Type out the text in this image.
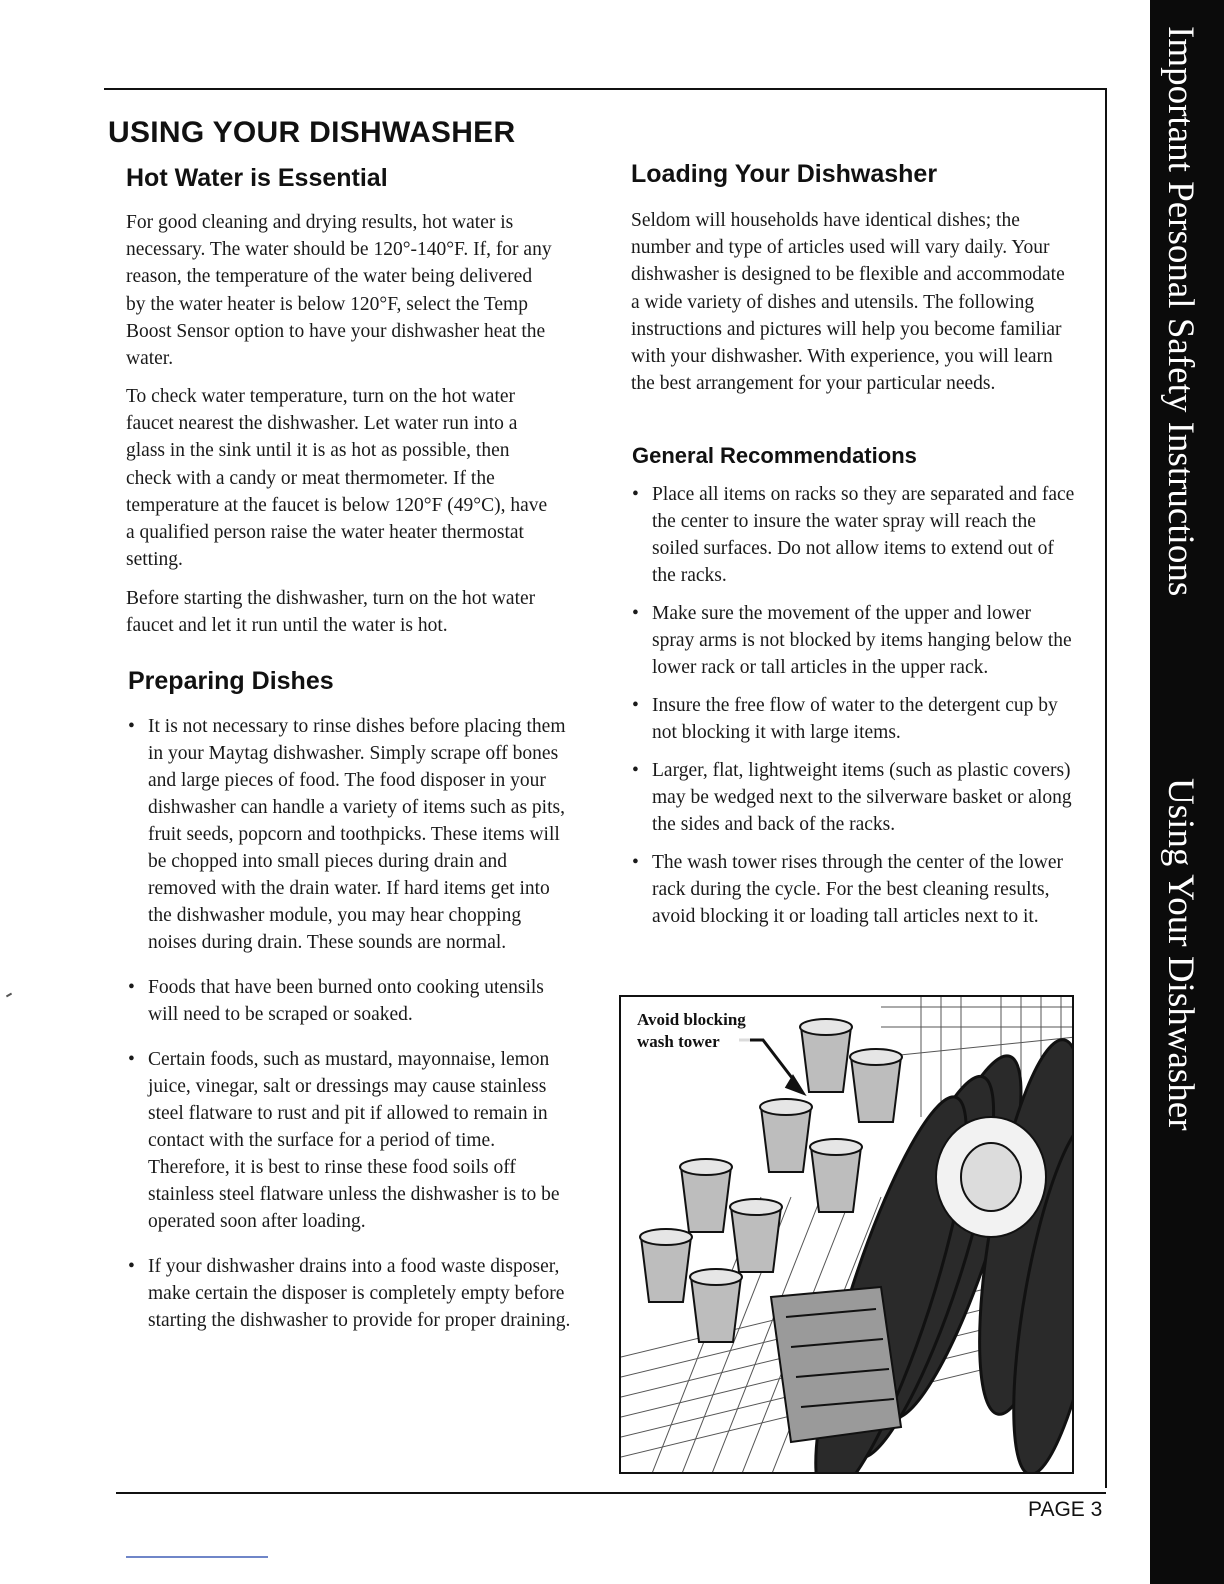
Important Personal Safety Instructions
Using Your Dishwasher
USING YOUR DISHWASHER
Hot Water is Essential

For good cleaning and drying results, hot water is necessary. The water should be 120°-140°F. If, for any reason, the temperature of the water being delivered by the water heater is below 120°F, select the Temp Boost Sensor option to have your dishwasher heat the water.

To check water temperature, turn on the hot water faucet nearest the dishwasher. Let water run into a glass in the sink until it is as hot as possible, then check with a candy or meat thermometer. If the temperature at the faucet is below 120°F (49°C), have a qualified person raise the water heater thermostat setting.

Before starting the dishwasher, turn on the hot water faucet and let it run until the water is hot.

Preparing Dishes
• It is not necessary to rinse dishes before placing them in your Maytag dishwasher. Simply scrape off bones and large pieces of food. The food disposer in your dishwasher can handle a variety of items such as pits, fruit seeds, popcorn and toothpicks. These items will be chopped into small pieces during drain and removed with the drain water. If hard items get into the dishwasher module, you may hear chopping noises during drain. These sounds are normal.
• Foods that have been burned onto cooking utensils will need to be scraped or soaked.
• Certain foods, such as mustard, mayonnaise, lemon juice, vinegar, salt or dressings may cause stainless steel flatware to rust and pit if allowed to remain in contact with the surface for a period of time. Therefore, it is best to rinse these food soils off stainless steel flatware unless the dishwasher is to be operated soon after loading.
• If your dishwasher drains into a food waste disposer, make certain the disposer is completely empty before starting the dishwasher to provide for proper draining.
Loading Your Dishwasher

Seldom will households have identical dishes; the number and type of articles used will vary daily. Your dishwasher is designed to be flexible and accommodate a wide variety of dishes and utensils. The following instructions and pictures will help you become familiar with your dishwasher. With experience, you will learn the best arrangement for your particular needs.

General Recommendations
• Place all items on racks so they are separated and face the center to insure the water spray will reach the soiled surfaces. Do not allow items to extend out of the racks.
• Make sure the movement of the upper and lower spray arms is not blocked by items hanging below the lower rack or tall articles in the upper rack.
• Insure the free flow of water to the detergent cup by not blocking it with large items.
• Larger, flat, lightweight items (such as plastic covers) may be wedged next to the silverware basket or along the sides and back of the racks.
• The wash tower rises through the center of the lower rack during the cycle. For the best cleaning results, avoid blocking it or loading tall articles next to it.
Avoid blocking
wash tower
PAGE 3
